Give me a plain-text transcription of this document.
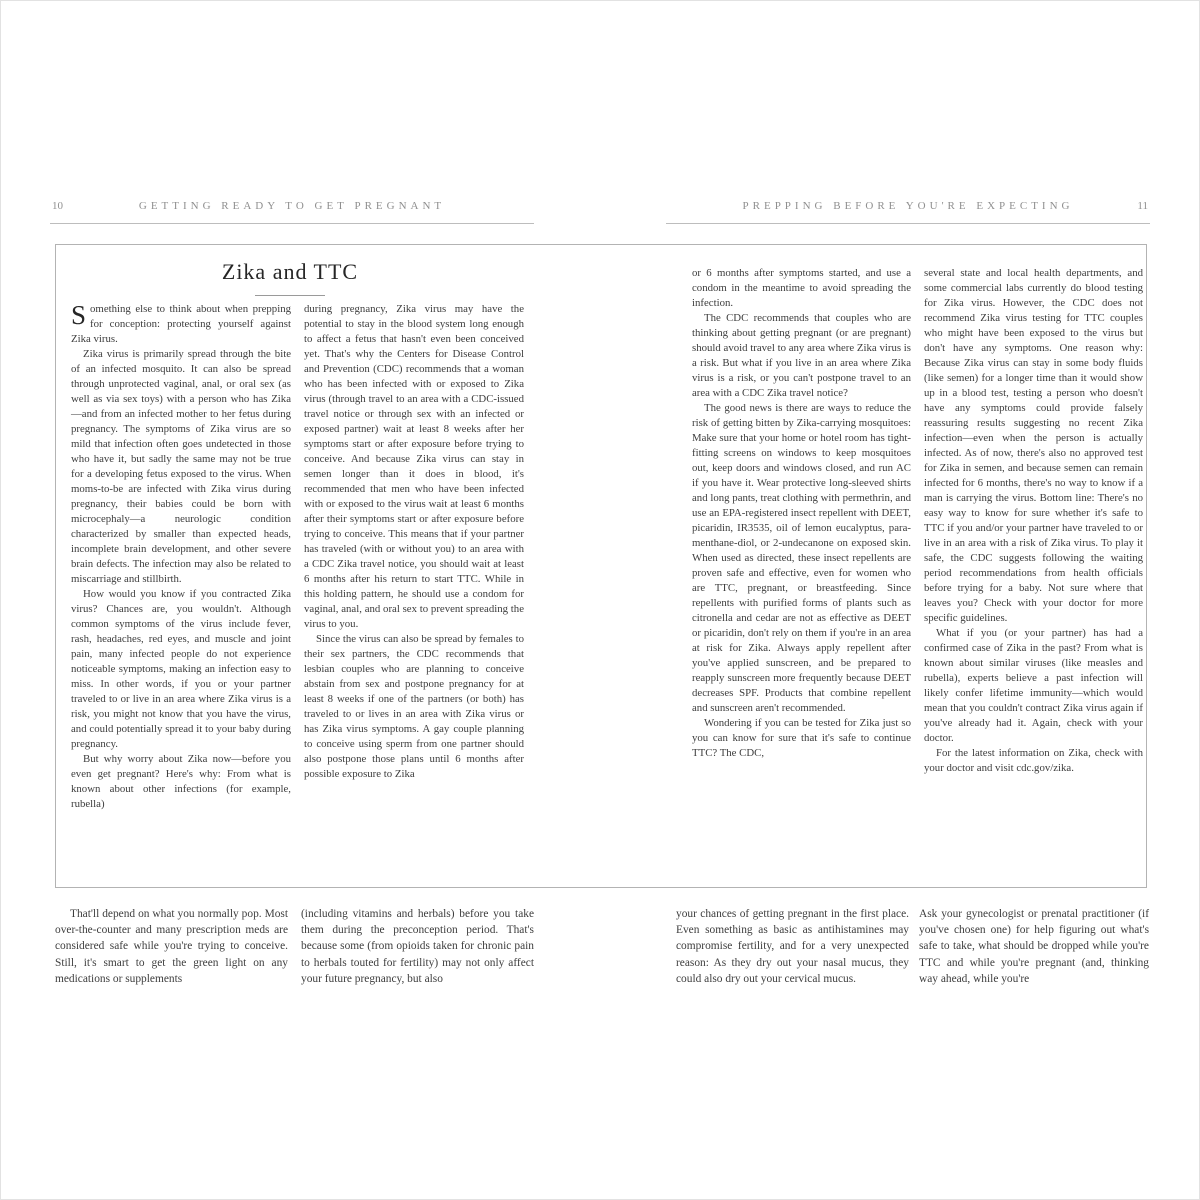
10	GETTING READY TO GET PREGNANT	PREPPING BEFORE YOU'RE EXPECTING	11
Zika and TTC

Something else to think about when prepping for conception: protecting yourself against Zika virus.

Zika virus is primarily spread through the bite of an infected mosquito. It can also be spread through unprotected vaginal, anal, or oral sex (as well as via sex toys) with a person who has Zika—and from an infected mother to her fetus during pregnancy. The symptoms of Zika virus are so mild that infection often goes undetected in those who have it, but sadly the same may not be true for a developing fetus exposed to the virus. When moms-to-be are infected with Zika virus during pregnancy, their babies could be born with microcephaly—a neurologic condition characterized by smaller than expected heads, incomplete brain development, and other severe brain defects. The infection may also be related to miscarriage and stillbirth.

How would you know if you contracted Zika virus? Chances are, you wouldn't. Although common symptoms of the virus include fever, rash, headaches, red eyes, and muscle and joint pain, many infected people do not experience noticeable symptoms, making an infection easy to miss. In other words, if you or your partner traveled to or live in an area where Zika virus is a risk, you might not know that you have the virus, and could potentially spread it to your baby during pregnancy.

But why worry about Zika now—before you even get pregnant? Here's why: From what is known about other infections (for example, rubella)

during pregnancy, Zika virus may have the potential to stay in the blood system long enough to affect a fetus that hasn't even been conceived yet. That's why the Centers for Disease Control and Prevention (CDC) recommends that a woman who has been infected with or exposed to Zika virus (through travel to an area with a CDC-issued travel notice or through sex with an infected or exposed partner) wait at least 8 weeks after her symptoms start or after exposure before trying to conceive. And because Zika virus can stay in semen longer than it does in blood, it's recommended that men who have been infected with or exposed to the virus wait at least 6 months after their symptoms start or after exposure before trying to conceive. This means that if your partner has traveled (with or without you) to an area with a CDC Zika travel notice, you should wait at least 6 months after his return to start TTC. While in this holding pattern, he should use a condom for vaginal, anal, and oral sex to prevent spreading the virus to you.

Since the virus can also be spread by females to their sex partners, the CDC recommends that lesbian couples who are planning to conceive abstain from sex and postpone pregnancy for at least 8 weeks if one of the partners (or both) has traveled to or lives in an area with Zika virus or has Zika virus symptoms. A gay couple planning to conceive using sperm from one partner should also postpone those plans until 6 months after possible exposure to Zika

or 6 months after symptoms started, and use a condom in the meantime to avoid spreading the infection.

The CDC recommends that couples who are thinking about getting pregnant (or are pregnant) should avoid travel to any area where Zika virus is a risk. But what if you live in an area where Zika virus is a risk, or you can't postpone travel to an area with a CDC Zika travel notice?

The good news is there are ways to reduce the risk of getting bitten by Zika-carrying mosquitoes: Make sure that your home or hotel room has tight-fitting screens on windows to keep mosquitoes out, keep doors and windows closed, and run AC if you have it. Wear protective long-sleeved shirts and long pants, treat clothing with permethrin, and use an EPA-registered insect repellent with DEET, picaridin, IR3535, oil of lemon eucalyptus, para-menthane-diol, or 2-undecanone on exposed skin. When used as directed, these insect repellents are proven safe and effective, even for women who are TTC, pregnant, or breastfeeding. Since repellents with purified forms of plants such as citronella and cedar are not as effective as DEET or picaridin, don't rely on them if you're in an area at risk for Zika. Always apply repellent after you've applied sunscreen, and be prepared to reapply sunscreen more frequently because DEET decreases SPF. Products that combine repellent and sunscreen aren't recommended.

Wondering if you can be tested for Zika just so you can know for sure that it's safe to continue TTC? The CDC,

several state and local health departments, and some commercial labs currently do blood testing for Zika virus. However, the CDC does not recommend Zika virus testing for TTC couples who might have been exposed to the virus but don't have any symptoms. One reason why: Because Zika virus can stay in some body fluids (like semen) for a longer time than it would show up in a blood test, testing a person who doesn't have any symptoms could provide falsely reassuring results suggesting no recent Zika infection—even when the person is actually infected. As of now, there's also no approved test for Zika in semen, and because semen can remain infected for 6 months, there's no way to know if a man is carrying the virus. Bottom line: There's no easy way to know for sure whether it's safe to TTC if you and/or your partner have traveled to or live in an area with a risk of Zika virus. To play it safe, the CDC suggests following the waiting period recommendations from health officials before trying for a baby. Not sure where that leaves you? Check with your doctor for more specific guidelines.

What if you (or your partner) has had a confirmed case of Zika in the past? From what is known about similar viruses (like measles and rubella), experts believe a past infection will likely confer lifetime immunity—which would mean that you couldn't contract Zika virus again if you've already had it. Again, check with your doctor.

For the latest information on Zika, check with your doctor and visit cdc.gov/zika.

That'll depend on what you normally pop. Most over-the-counter and many prescription meds are considered safe while you're trying to conceive. Still, it's smart to get the green light on any medications or supplements

(including vitamins and herbals) before you take them during the preconception period. That's because some (from opioids taken for chronic pain to herbals touted for fertility) may not only affect your future pregnancy, but also

your chances of getting pregnant in the first place. Even something as basic as antihistamines may compromise fertility, and for a very unexpected reason: As they dry out your nasal mucus, they could also dry out your cervical mucus.

Ask your gynecologist or prenatal practitioner (if you've chosen one) for help figuring out what's safe to take, what should be dropped while you're TTC and while you're pregnant (and, thinking way ahead, while you're
